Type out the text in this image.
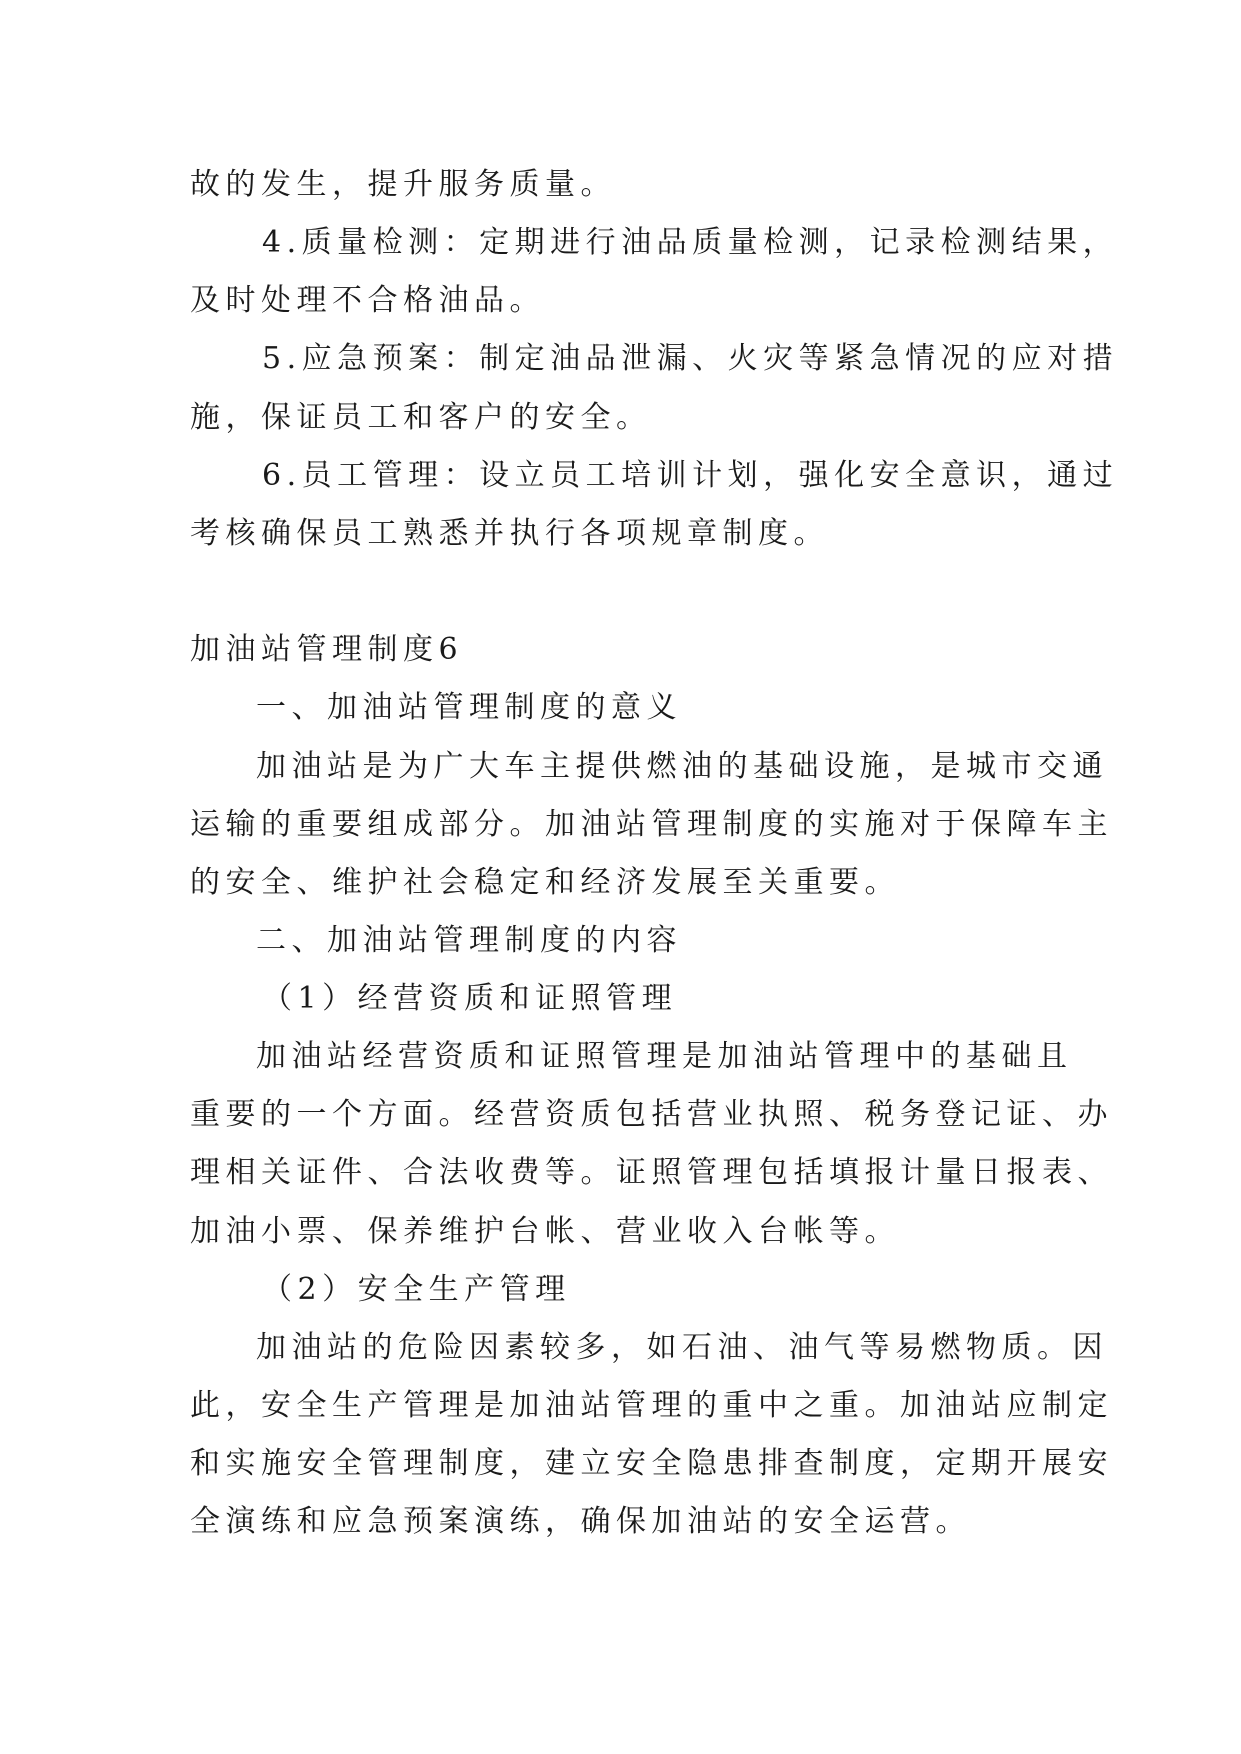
故的发生，提升服务质量。
4.质量检测：定期进行油品质量检测，记录检测结果，
及时处理不合格油品。
5.应急预案：制定油品泄漏、火灾等紧急情况的应对措
施，保证员工和客户的安全。
6.员工管理：设立员工培训计划，强化安全意识，通过
考核确保员工熟悉并执行各项规章制度。
加油站管理制度6
一、加油站管理制度的意义
加油站是为广大车主提供燃油的基础设施，是城市交通
运输的重要组成部分。加油站管理制度的实施对于保障车主
的安全、维护社会稳定和经济发展至关重要。
二、加油站管理制度的内容
（1）经营资质和证照管理
加油站经营资质和证照管理是加油站管理中的基础且
重要的一个方面。经营资质包括营业执照、税务登记证、办
理相关证件、合法收费等。证照管理包括填报计量日报表、
加油小票、保养维护台帐、营业收入台帐等。
（2）安全生产管理
加油站的危险因素较多，如石油、油气等易燃物质。因
此，安全生产管理是加油站管理的重中之重。加油站应制定
和实施安全管理制度，建立安全隐患排查制度，定期开展安
全演练和应急预案演练，确保加油站的安全运营。
